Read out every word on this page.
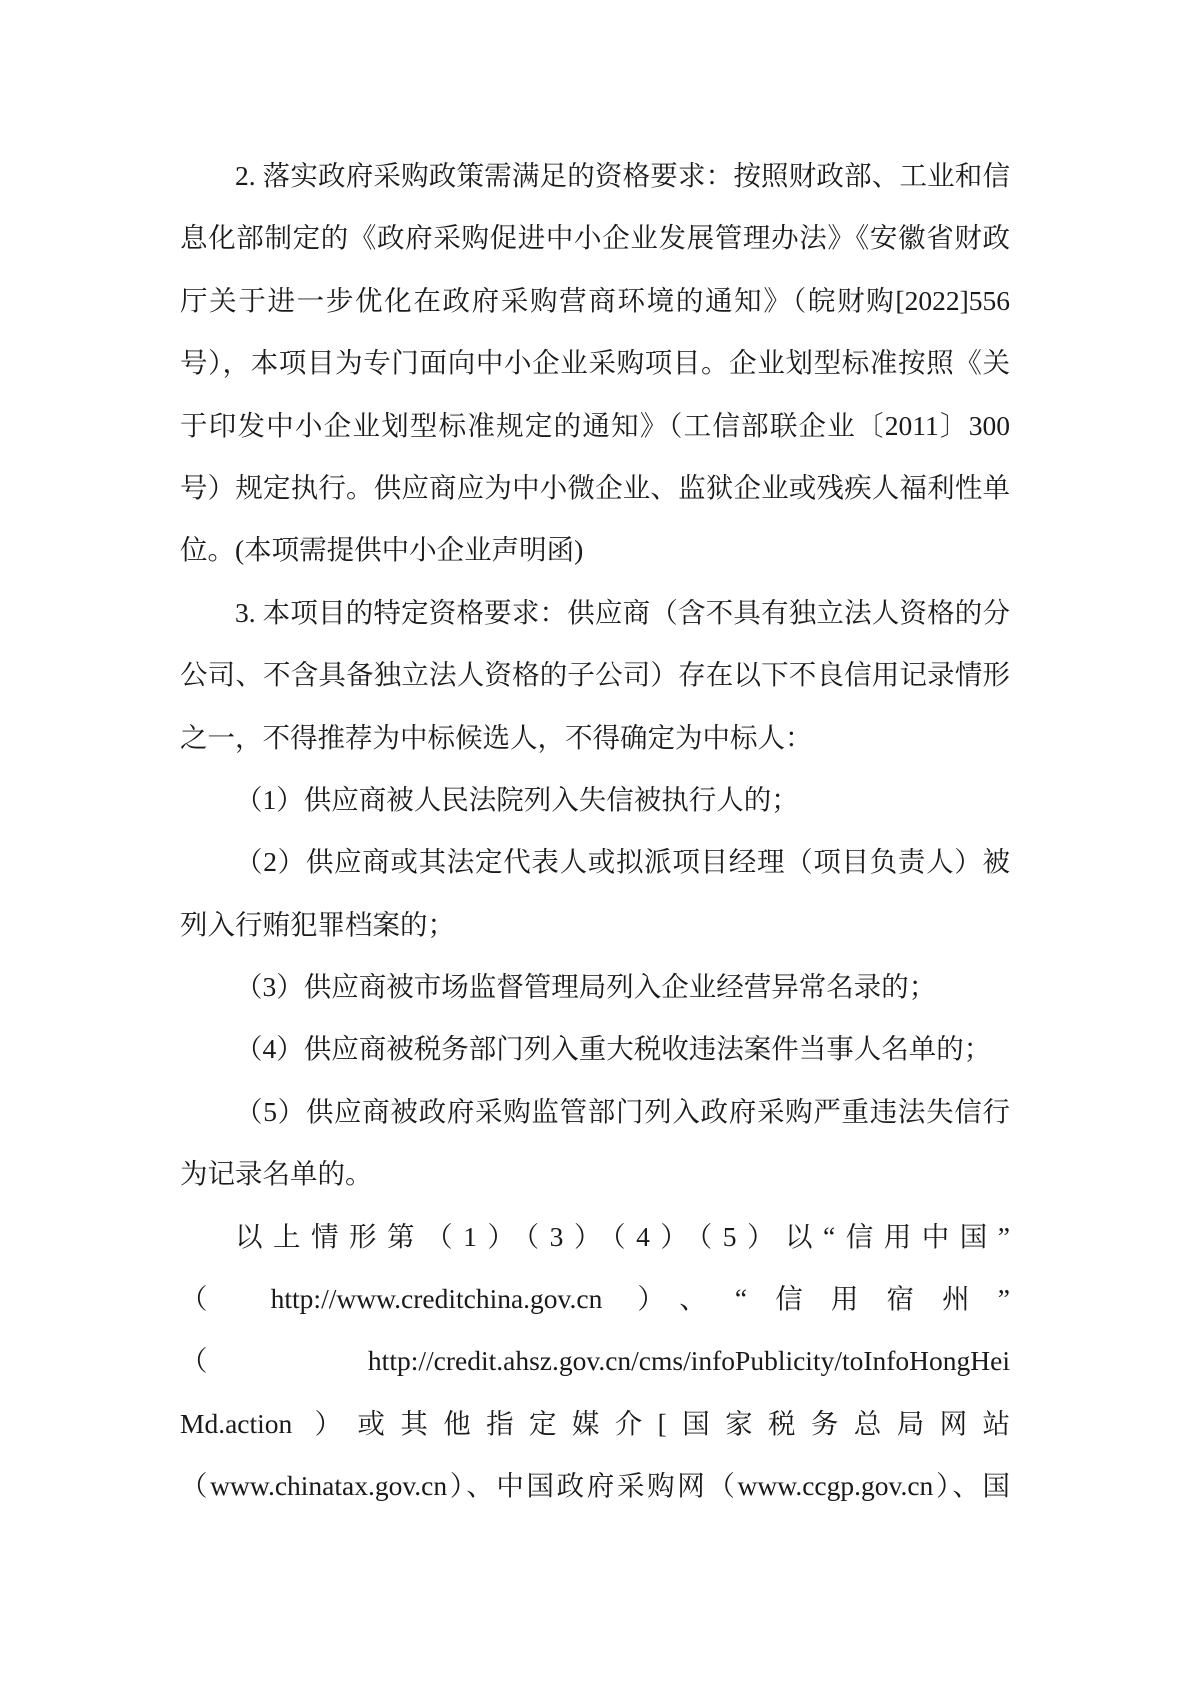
2. 落实政府采购政策需满足的资格要求：按照财政部、工业和信
息化部制定的《政府采购促进中小企业发展管理办法》《安徽省财政
厅关于进一步优化在政府采购营商环境的通知》（皖财购[2022]556
号），本项目为专门面向中小企业采购项目。企业划型标准按照《关
于印发中小企业划型标准规定的通知》（工信部联企业〔2011〕300
号）规定执行。供应商应为中小微企业、监狱企业或残疾人福利性单
位。(本项需提供中小企业声明函)
3. 本项目的特定资格要求：供应商（含不具有独立法人资格的分
公司、不含具备独立法人资格的子公司）存在以下不良信用记录情形
之一，不得推荐为中标候选人，不得确定为中标人：
（1）供应商被人民法院列入失信被执行人的；
（2）供应商或其法定代表人或拟派项目经理（项目负责人）被
列入行贿犯罪档案的；
（3）供应商被市场监督管理局列入企业经营异常名录的；
（4）供应商被税务部门列入重大税收违法案件当事人名单的；
（5）供应商被政府采购监管部门列入政府采购严重违法失信行
为记录名单的。
以上情形第（1）（3）（4）（5）以“信用中国”
（ http://www.creditchina.gov.cn ）、“信用宿州”
（http://credit.ahsz.gov.cn/cms/infoPublicity/toInfoHongHei
Md.action ）或其他指定媒介[国家税务总局网站
（www.chinatax.gov.cn）、中国政府采购网（www.ccgp.gov.cn）、国
